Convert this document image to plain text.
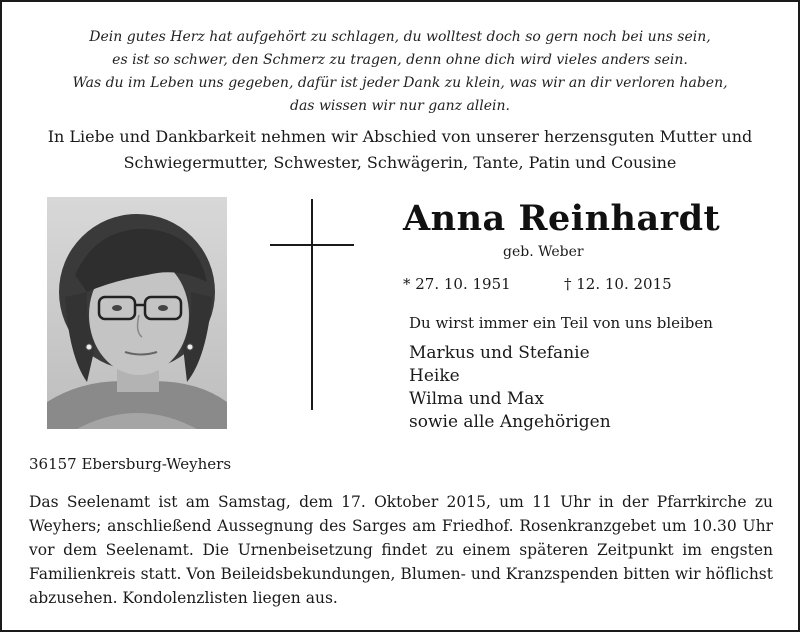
Dein gutes Herz hat aufgehört zu schlagen, du wolltest doch so gern noch bei uns sein,
es ist so schwer, den Schmerz zu tragen, denn ohne dich wird vieles anders sein.
Was du im Leben uns gegeben, dafür ist jeder Dank zu klein, was wir an dir verloren haben,
das wissen wir nur ganz allein.
In Liebe und Dankbarkeit nehmen wir Abschied von unserer herzensguten Mutter und
Schwiegermutter, Schwester, Schwägerin, Tante, Patin und Cousine
Anna Reinhardt
geb. Weber
* 27. 10. 1951	† 12. 10. 2015
Du wirst immer ein Teil von uns bleiben
Markus und Stefanie
Heike
Wilma und Max
sowie alle Angehörigen
36157 Ebersburg-Weyhers
Das Seelenamt ist am Samstag, dem 17. Oktober 2015, um 11 Uhr in der Pfarrkirche zu Weyhers; anschließend Aussegnung des Sarges am Friedhof. Rosenkranzgebet um 10.30 Uhr vor dem Seelenamt. Die Urnenbeisetzung findet zu einem späteren Zeitpunkt im engsten Familienkreis statt. Von Beileidsbekundungen, Blumen- und Kranzspenden bitten wir höflichst abzusehen. Kondolenzlisten liegen aus.
